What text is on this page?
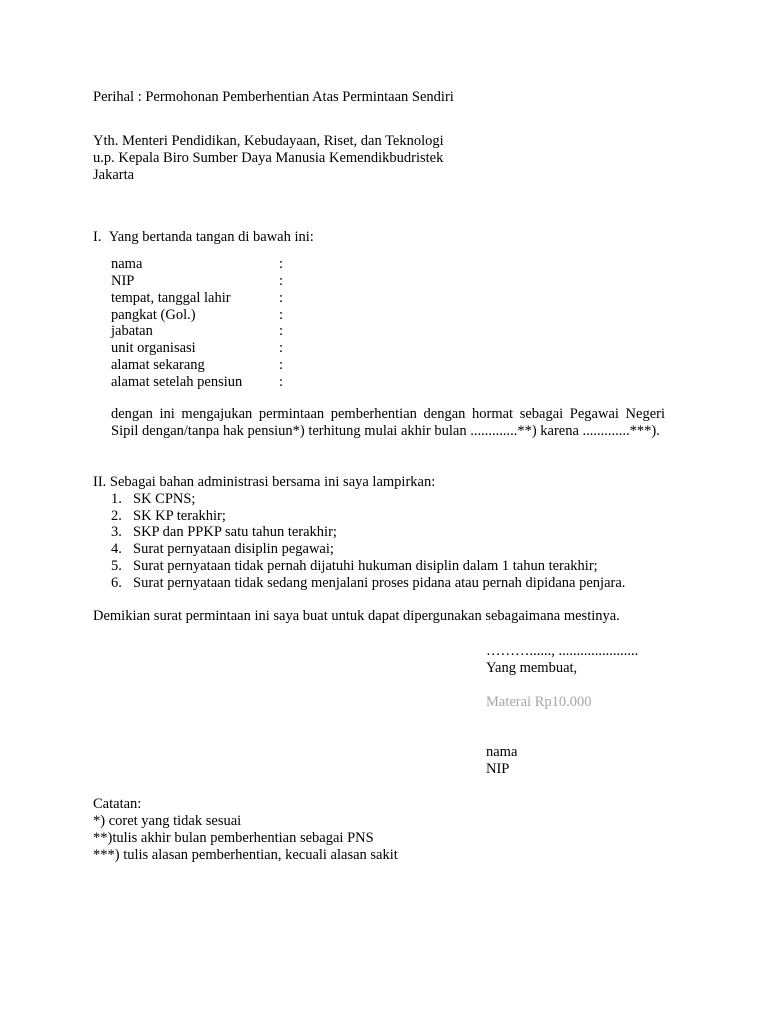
Perihal : Permohonan Pemberhentian Atas Permintaan Sendiri
Yth. Menteri Pendidikan, Kebudayaan, Riset, dan Teknologi
u.p. Kepala Biro Sumber Daya Manusia Kemendikbudristek
Jakarta
I.  Yang bertanda tangan di bawah ini:
nama	:
NIP	:
tempat, tanggal lahir	:
pangkat (Gol.)	:
jabatan	:
unit organisasi	:
alamat sekarang	:
alamat setelah pensiun	:
dengan ini mengajukan permintaan pemberhentian dengan hormat sebagai Pegawai Negeri Sipil dengan/tanpa hak pensiun*) terhitung mulai akhir bulan .............**) karena .............***).
II. Sebagai bahan administrasi bersama ini saya lampirkan:
1. SK CPNS;
2. SK KP terakhir;
3. SKP dan PPKP satu tahun terakhir;
4. Surat pernyataan disiplin pegawai;
5. Surat pernyataan tidak pernah dijatuhi hukuman disiplin dalam 1 tahun terakhir;
6. Surat pernyataan tidak sedang menjalani proses pidana atau pernah dipidana penjara.
Demikian surat permintaan ini saya buat untuk dapat dipergunakan sebagaimana mestinya.
………......, ......................
Yang membuat,
Materai Rp10.000
nama
NIP
Catatan:
*) coret yang tidak sesuai
**)tulis akhir bulan pemberhentian sebagai PNS
***) tulis alasan pemberhentian, kecuali alasan sakit
